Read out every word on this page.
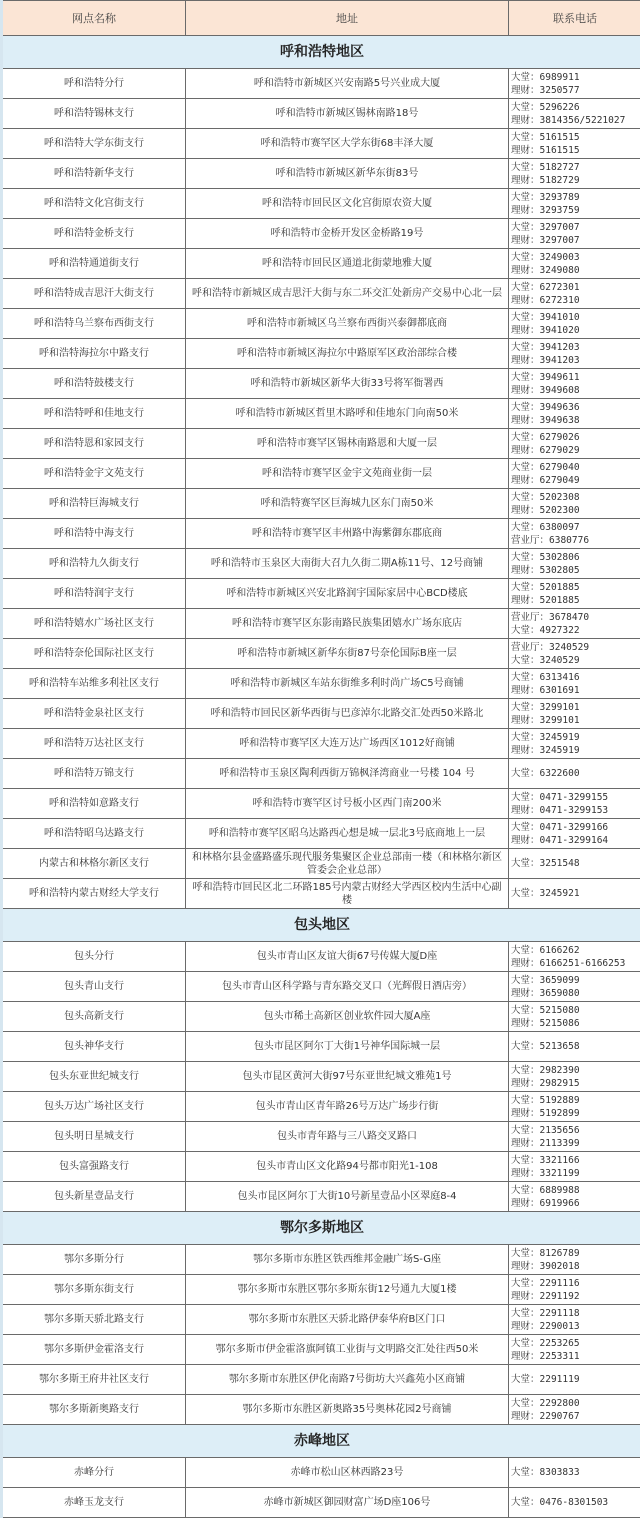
网点名称	地址	联系电话
呼和浩特地区		
呼和浩特分行	呼和浩特市新城区兴安南路5号兴业成大厦	大堂：6989911
理财：3250577

呼和浩特锡林支行	呼和浩特市新城区锡林南路18号	大堂：5296226
理财：3814356/5221027

呼和浩特大学东街支行	呼和浩特市赛罕区大学东街68丰泽大厦	大堂：5161515
理财：5161515

呼和浩特新华支行	呼和浩特市新城区新华东街83号	大堂：5182727
理财：5182729

呼和浩特文化宫街支行	呼和浩特市回民区文化宫街原农资大厦	大堂：3293789
理财：3293759

呼和浩特金桥支行	呼和浩特市金桥开发区金桥路19号	大堂：3297007
理财：3297007

呼和浩特通道街支行	呼和浩特市回民区通道北街蒙地雅大厦	大堂：3249003
理财：3249080

呼和浩特成吉思汗大街支行	呼和浩特市新城区成吉思汗大街与东二环交汇处新房产交易中心北一层	大堂：6272301
理财：6272310

呼和浩特乌兰察布西街支行	呼和浩特市新城区乌兰察布西街兴泰御都底商	大堂：3941010
理财：3941020

呼和浩特海拉尔中路支行	呼和浩特市新城区海拉尔中路原军区政治部综合楼	大堂：3941203
理财：3941203

呼和浩特鼓楼支行	呼和浩特市新城区新华大街33号将军衙署西	大堂：3949611
理财：3949608

呼和浩特呼和佳地支行	呼和浩特市新城区哲里木路呼和佳地东门向南50米	大堂：3949636
理财：3949638

呼和浩特恩和家园支行	呼和浩特市赛罕区锡林南路恩和大厦一层	大堂：6279026
理财：6279029

呼和浩特金宇文苑支行	呼和浩特市赛罕区金宇文苑商业街一层	大堂：6279040
理财：6279049

呼和浩特巨海城支行	呼和浩特赛罕区巨海城九区东门南50米	大堂：5202308
理财：5202300

呼和浩特中海支行	呼和浩特市赛罕区丰州路中海紫御东郡底商	大堂：6380097
营业厅：6380776

呼和浩特九久街支行	呼和浩特市玉泉区大南街大召九久街二期A栋11号、12号商铺	大堂：5302806
理财：5302805

呼和浩特润宇支行	呼和浩特市新城区兴安北路润宇国际家居中心BCD楼底	大堂：5201885
理财：5201885

呼和浩特嬉水广场社区支行	呼和浩特市赛罕区东影南路民族集团嬉水广场东底店	营业厅：3678470
大堂：4927322

呼和浩特奈伦国际社区支行	呼和浩特市新城区新华东街87号奈伦国际B座一层	营业厅：3240529
大堂：3240529

呼和浩特车站维多利社区支行	呼和浩特市新城区车站东街维多利时尚广场C5号商铺	大堂：6313416
理财：6301691

呼和浩特金泉社区支行	呼和浩特市回民区新华西街与巴彦淖尔北路交汇处西50米路北	大堂：3299101
理财：3299101

呼和浩特万达社区支行	呼和浩特市赛罕区大连万达广场西区1012好商铺	大堂：3245919
理财：3245919

呼和浩特万锦支行	呼和浩特市玉泉区陶利西街万锦枫泽湾商业一号楼 104 号	大堂：6322600

呼和浩特如意路支行	呼和浩特市赛罕区讨号板小区西门南200米	大堂：0471-3299155
理财：0471-3299153

呼和浩特昭乌达路支行	呼和浩特市赛罕区昭乌达路西心想是城一层北3号底商地上一层	大堂：0471-3299166
理财：0471-3299164

内蒙古和林格尔新区支行	和林格尔县金盛路盛乐现代服务集聚区企业总部南一楼（和林格尔新区管委会企业总部）	大堂：3251548

呼和浩特内蒙古财经大学支行	呼和浩特市回民区北二环路185号内蒙古财经大学西区校内生活中心副楼	大堂：3245921

包头地区		
包头分行	包头市青山区友谊大街67号传媒大厦D座	大堂：6166262
理财：6166251-6166253

包头青山支行	包头市青山区科学路与青东路交叉口（光辉假日酒店旁）	大堂：3659099
理财：3659080

包头高新支行	包头市稀土高新区创业软件园大厦A座	大堂：5215080
理财：5215086

包头神华支行	包头市昆区阿尔丁大街1号神华国际城一层	大堂：5213658

包头东亚世纪城支行	包头市昆区黄河大街97号东亚世纪城文雅苑1号	大堂：2982390
理财：2982915

包头万达广场社区支行	包头市青山区青年路26号万达广场步行街	大堂：5192889
理财：5192899

包头明日星城支行	包头市青年路与三八路交叉路口	大堂：2135656
理财：2113399

包头富强路支行	包头市青山区文化路94号都市阳光1-108	大堂：3321166
理财：3321199

包头新星壹品支行	包头市昆区阿尔丁大街10号新星壹品小区翠庭8-4	大堂：6889988
理财：6919966

鄂尔多斯地区		
鄂尔多斯分行	鄂尔多斯市东胜区铁西维邦金融广场S-G座	大堂：8126789
理财：3902018

鄂尔多斯东街支行	鄂尔多斯市东胜区鄂尔多斯东街12号通九大厦1楼	大堂：2291116
理财：2291192

鄂尔多斯天骄北路支行	鄂尔多斯市东胜区天骄北路伊泰华府B区门口	大堂：2291118
理财：2290013

鄂尔多斯伊金霍洛支行	鄂尔多斯市伊金霍洛旗阿镇工业街与文明路交汇处往西50米	大堂：2253265
理财：2253311

鄂尔多斯王府井社区支行	鄂尔多斯市东胜区伊化南路7号街坊大兴鑫苑小区商铺	大堂：2291119

鄂尔多斯新奥路支行	鄂尔多斯市东胜区新奥路35号奥林花园2号商铺	大堂：2292800
理财：2290767

赤峰地区		
赤峰分行	赤峰市松山区林西路23号	大堂：8303833

赤峰玉龙支行	赤峰市新城区御园财富广场D座106号	大堂：0476-8301503
